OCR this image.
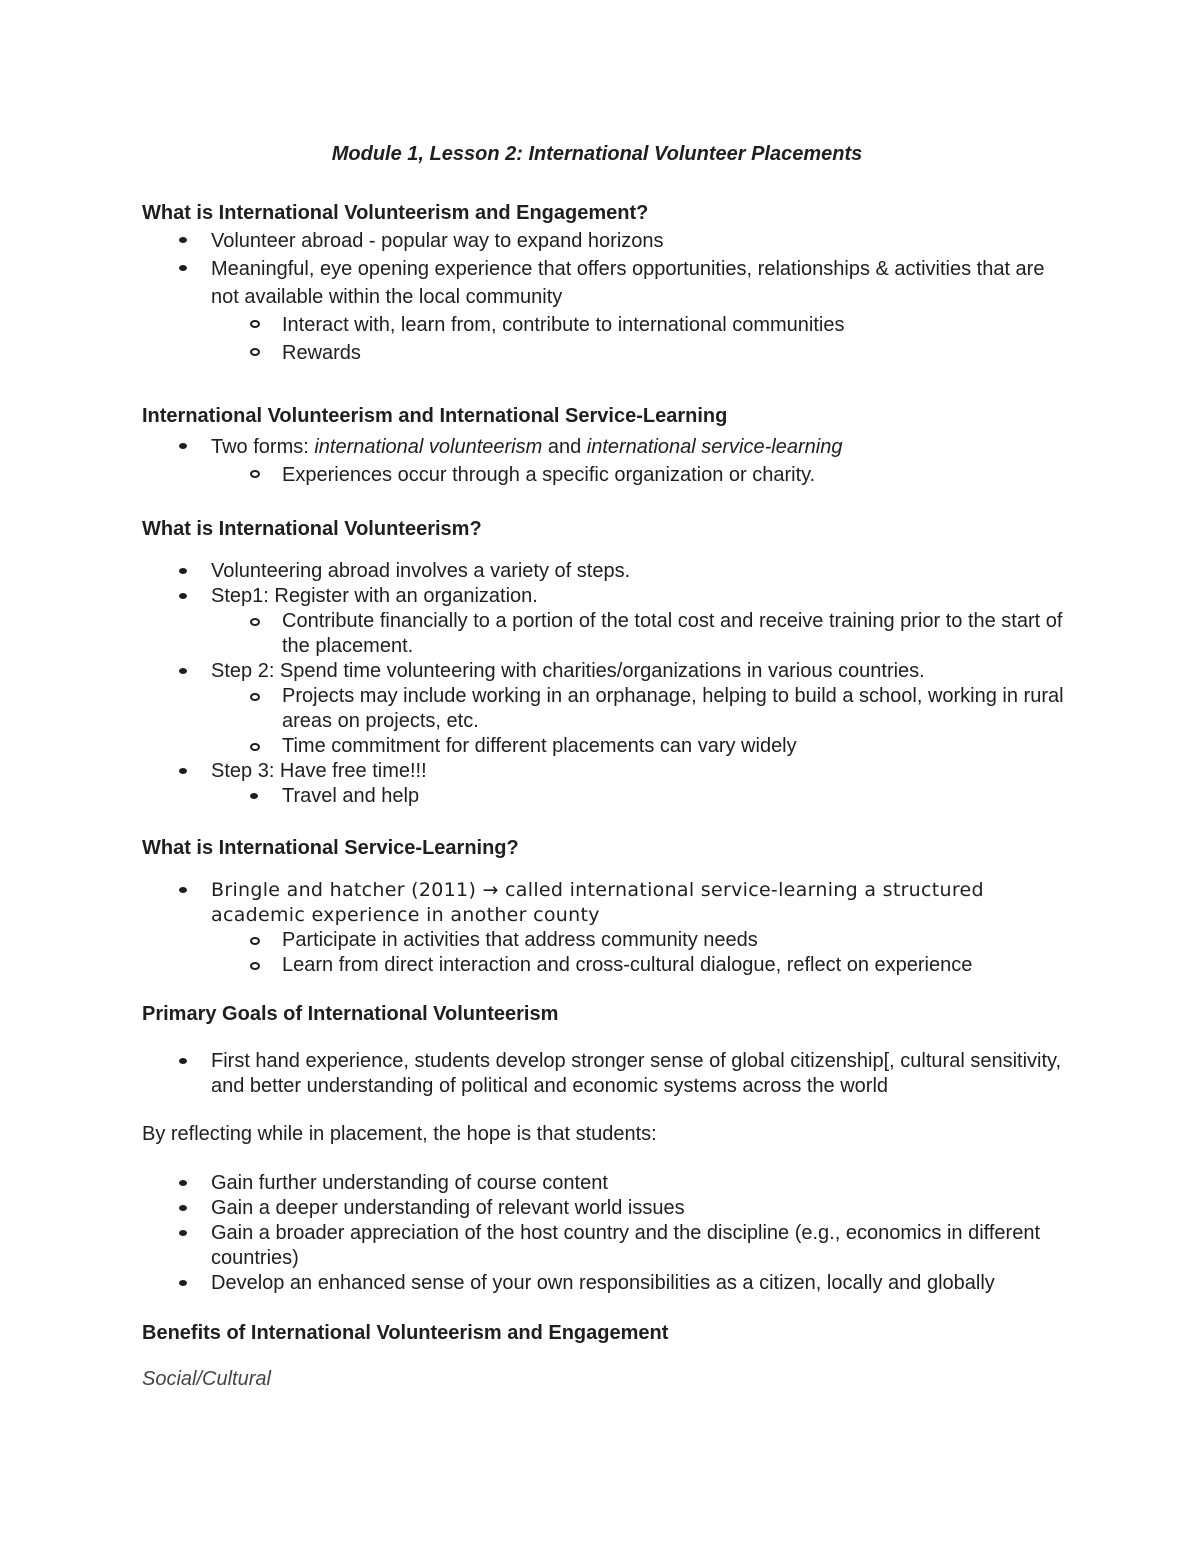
Module 1, Lesson 2: International Volunteer Placements
What is International Volunteerism and Engagement?
Volunteer abroad - popular way to expand horizons
Meaningful, eye opening experience that offers opportunities, relationships & activities that are not available within the local community
Interact with, learn from, contribute to international communities
Rewards
International Volunteerism and International Service-Learning
Two forms: international volunteerism and international service-learning
Experiences occur through a specific organization or charity.
What is International Volunteerism?
Volunteering abroad involves a variety of steps.
Step1: Register with an organization.
Contribute financially to a portion of the total cost and receive training prior to the start of the placement.
Step 2: Spend time volunteering with charities/organizations in various countries.
Projects may include working in an orphanage, helping to build a school, working in rural areas on projects, etc.
Time commitment for different placements can vary widely
Step 3: Have free time!!!
Travel and help
What is International Service-Learning?
Bringle and hatcher (2011) → called international service-learning a structured academic experience in another county
Participate in activities that address community needs
Learn from direct interaction and cross-cultural dialogue, reflect on experience
Primary Goals of International Volunteerism
First hand experience, students develop stronger sense of global citizenship[, cultural sensitivity, and better understanding of political and economic systems across the world

By reflecting while in placement, the hope is that students:

Gain further understanding of course content
Gain a deeper understanding of relevant world issues
Gain a broader appreciation of the host country and the discipline (e.g., economics in different countries)
Develop an enhanced sense of your own responsibilities as a citizen, locally and globally
Benefits of International Volunteerism and Engagement

Social/Cultural
